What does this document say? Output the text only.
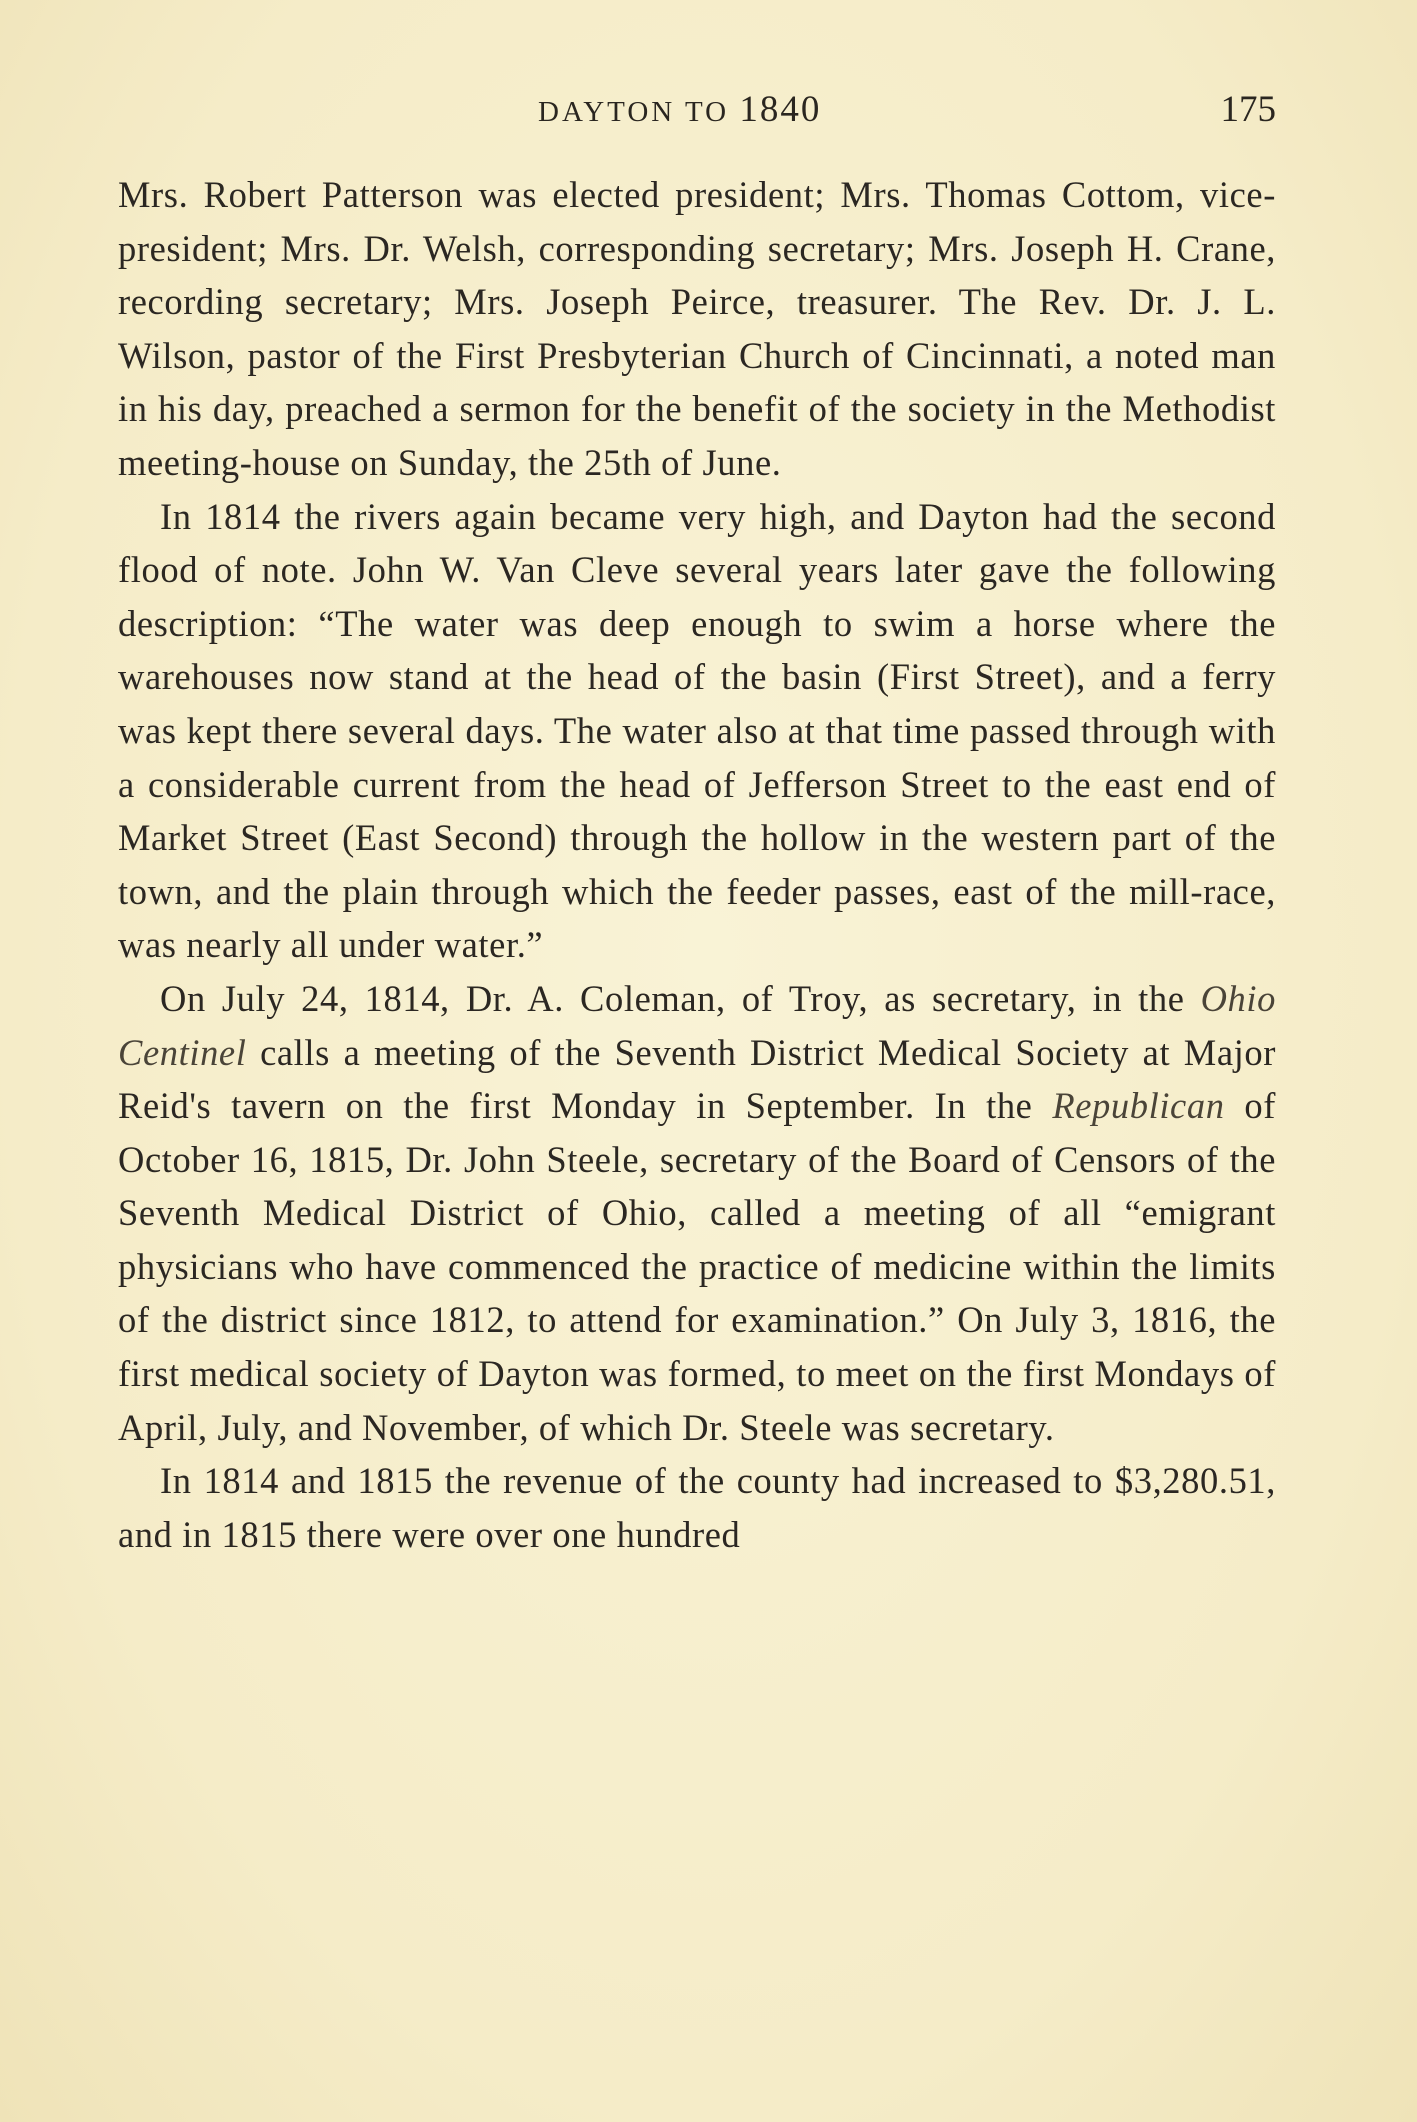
DAYTON TO 1840	175

Mrs. Robert Patterson was elected president; Mrs. Thomas Cottom, vice-president; Mrs. Dr. Welsh, corresponding secretary; Mrs. Joseph H. Crane, recording secretary; Mrs. Joseph Peirce, treasurer. The Rev. Dr. J. L. Wilson, pastor of the First Presbyterian Church of Cincinnati, a noted man in his day, preached a sermon for the benefit of the society in the Methodist meeting-house on Sunday, the 25th of June.

In 1814 the rivers again became very high, and Dayton had the second flood of note. John W. Van Cleve several years later gave the following description: “The water was deep enough to swim a horse where the warehouses now stand at the head of the basin (First Street), and a ferry was kept there several days. The water also at that time passed through with a considerable current from the head of Jefferson Street to the east end of Market Street (East Second) through the hollow in the western part of the town, and the plain through which the feeder passes, east of the mill-race, was nearly all under water.”

On July 24, 1814, Dr. A. Coleman, of Troy, as secretary, in the Ohio Centinel calls a meeting of the Seventh District Medical Society at Major Reid's tavern on the first Monday in September. In the Republican of October 16, 1815, Dr. John Steele, secretary of the Board of Censors of the Seventh Medical District of Ohio, called a meeting of all “emigrant physicians who have commenced the practice of medicine within the limits of the district since 1812, to attend for examination.” On July 3, 1816, the first medical society of Dayton was formed, to meet on the first Mondays of April, July, and November, of which Dr. Steele was secretary.

In 1814 and 1815 the revenue of the county had increased to $3,280.51, and in 1815 there were over one hundred
